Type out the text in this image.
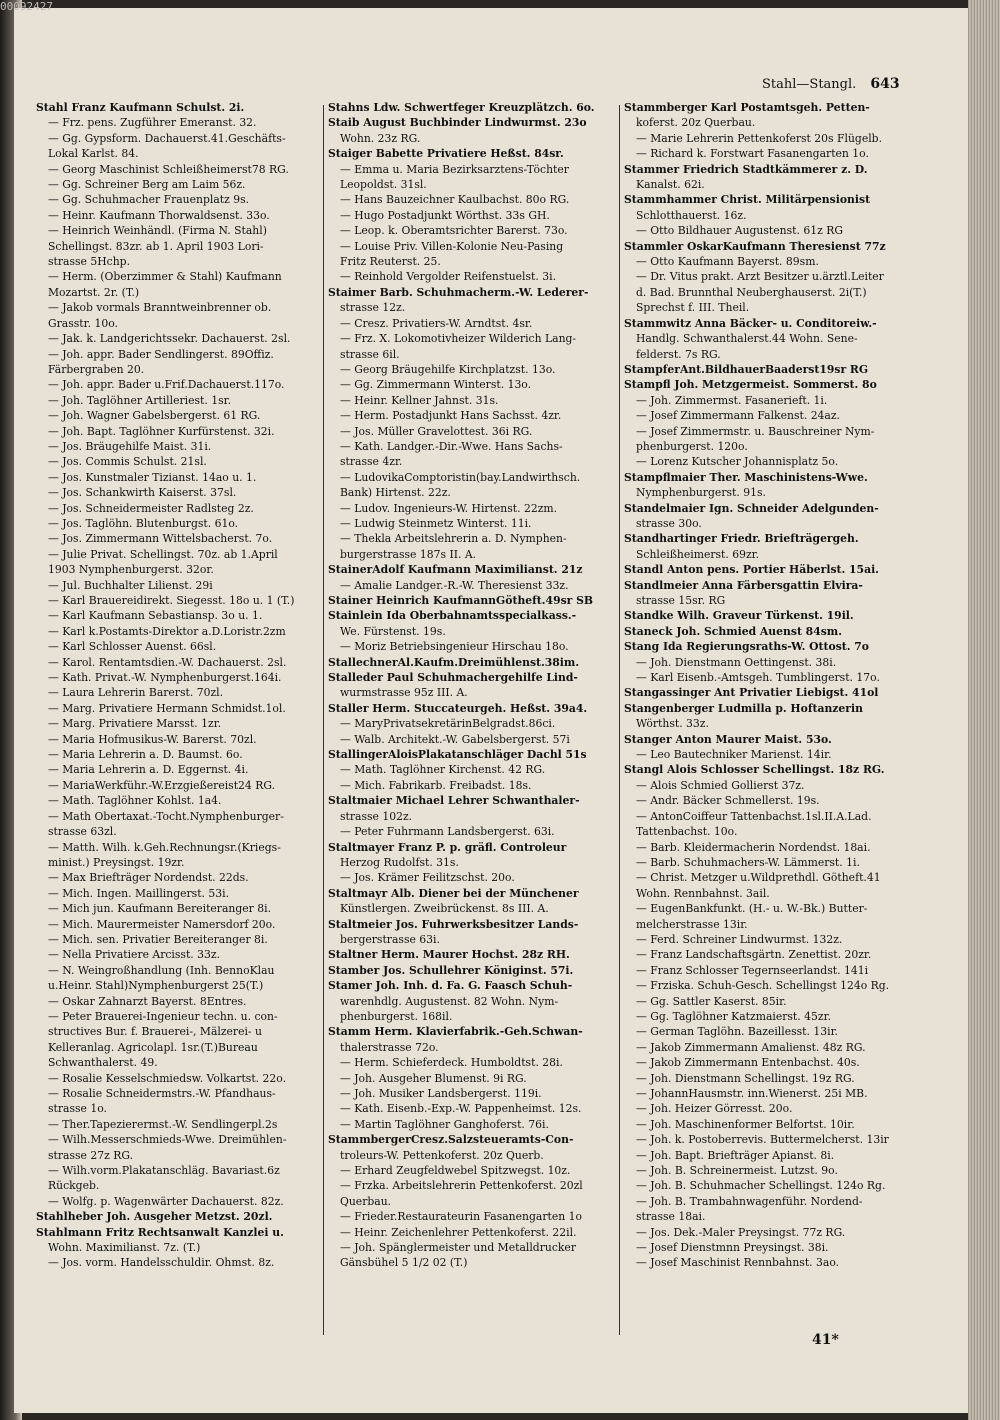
00092427
Stahl—Stangl. 643
Stahl Franz Kaufmann Schulst. 2i.
— Frz. pens. Zugführer Emeranst. 32.
— Gg. Gypsform. Dachauerst.41.Geschäfts-
Lokal Karlst. 84.
— Georg Maschinist Schleißheimerst78 RG.
— Gg. Schreiner Berg am Laim 56z.
— Gg. Schuhmacher Frauenplatz 9s.
— Heinr. Kaufmann Thorwaldsenst. 33o.
— Heinrich Weinhändl. (Firma N. Stahl)
Schellingst. 83zr. ab 1. April 1903 Lori-
strasse 5Hchp.
— Herm. (Oberzimmer & Stahl) Kaufmann
Mozartst. 2r. (T.)
— Jakob vormals Branntweinbrenner ob.
Grasstr. 10o.
— Jak. k. Landgerichtssekr. Dachauerst. 2sl.
— Joh. appr. Bader Sendlingerst. 89Offiz.
Färbergraben 20.
— Joh. appr. Bader u.Frif.Dachauerst.117o.
— Joh. Taglöhner Artilleriest. 1sr.
— Joh. Wagner Gabelsbergerst. 61 RG.
— Joh. Bapt. Taglöhner Kurfürstenst. 32i.
— Jos. Bräugehilfe Maist. 31i.
— Jos. Commis Schulst. 21sl.
— Jos. Kunstmaler Tizianst. 14ao u. 1.
— Jos. Schankwirth Kaiserst. 37sl.
— Jos. Schneidermeister Radlsteg 2z.
— Jos. Taglöhn. Blutenburgst. 61o.
— Jos. Zimmermann Wittelsbacherst. 7o.
— Julie Privat. Schellingst. 70z. ab 1.April
1903 Nymphenburgerst. 32or.
— Jul. Buchhalter Lilienst. 29i
— Karl Brauereidirekt. Siegesst. 18o u. 1 (T.)
— Karl Kaufmann Sebastiansp. 3o u. 1.
— Karl k.Postamts-Direktor a.D.Loristr.2zm
— Karl Schlosser Auenst. 66sl.
— Karol. Rentamtsdien.-W. Dachauerst. 2sl.
— Kath. Privat.-W. Nymphenburgerst.164i.
— Laura Lehrerin Barerst. 70zl.
— Marg. Privatiere Hermann Schmidst.1ol.
— Marg. Privatiere Marsst. 1zr.
— Maria Hofmusikus-W. Barerst. 70zl.
— Maria Lehrerin a. D. Baumst. 6o.
— Maria Lehrerin a. D. Eggernst. 4i.
— MariaWerkführ.-W.Erzgießereist24 RG.
— Math. Taglöhner Kohlst. 1a4.
— Math Obertaxat.-Tocht.Nymphenburger-
strasse 63zl.
— Matth. Wilh. k.Geh.Rechnungsr.(Kriegs-
minist.) Preysingst. 19zr.
— Max Briefträger Nordendst. 22ds.
— Mich. Ingen. Maillingerst. 53i.
— Mich jun. Kaufmann Bereiteranger 8i.
— Mich. Maurermeister Namersdorf 20o.
— Mich. sen. Privatier Bereiteranger 8i.
— Nella Privatiere Arcisst. 33z.
— N. Weingroßhandlung (Inh. BennoKlau
u.Heinr. Stahl)Nymphenburgerst 25(T.)
— Oskar Zahnarzt Bayerst. 8Entres.
— Peter Brauerei-Ingenieur techn. u. con-
structives Bur. f. Brauerei-, Mälzerei- u
Kelleranlag. Agricolapl. 1sr.(T.)Bureau
Schwanthalerst. 49.
— Rosalie Kesselschmiedsw. Volkartst. 22o.
— Rosalie Schneidermstrs.-W. Pfandhaus-
strasse 1o.
— Ther.Tapezierermst.-W. Sendlingerpl.2s
— Wilh.Messerschmieds-Wwe. Dreimühlen-
strasse 27z RG.
— Wilh.vorm.Plakatanschläg. Bavariast.6z
Rückgeb.
— Wolfg. p. Wagenwärter Dachauerst. 82z.
Stahlheber Joh. Ausgeher Metzst. 20zl.
Stahlmann Fritz Rechtsanwalt Kanzlei u.
Wohn. Maximilianst. 7z. (T.)
— Jos. vorm. Handelsschuldir. Ohmst. 8z.
Stahns Ldw. Schwertfeger Kreuzplätzch. 6o.
Staib August Buchbinder Lindwurmst. 23o
Wohn. 23z RG.
Staiger Babette Privatiere Heßst. 84sr.
— Emma u. Maria Bezirksarztens-Töchter
Leopoldst. 31sl.
— Hans Bauzeichner Kaulbachst. 80o RG.
— Hugo Postadjunkt Wörthst. 33s GH.
— Leop. k. Oberamtsrichter Barerst. 73o.
— Louise Priv. Villen-Kolonie Neu-Pasing
Fritz Reuterst. 25.
— Reinhold Vergolder Reifenstuelst. 3i.
Staimer Barb. Schuhmacherm.-W. Lederer-
strasse 12z.
— Cresz. Privatiers-W. Arndtst. 4sr.
— Frz. X. Lokomotivheizer Wilderich Lang-
strasse 6il.
— Georg Bräugehilfe Kirchplatzst. 13o.
— Gg. Zimmermann Winterst. 13o.
— Heinr. Kellner Jahnst. 31s.
— Herm. Postadjunkt Hans Sachsst. 4zr.
— Jos. Müller Gravelottest. 36i RG.
— Kath. Landger.-Dir.-Wwe. Hans Sachs-
strasse 4zr.
— LudovikaComptoristin(bay.Landwirthsch.
Bank) Hirtenst. 22z.
— Ludov. Ingenieurs-W. Hirtenst. 22zm.
— Ludwig Steinmetz Winterst. 11i.
— Thekla Arbeitslehrerin a. D. Nymphen-
burgerstrasse 187s II. A.
StainerAdolf Kaufmann Maximilianst. 21z
— Amalie Landger.-R.-W. Theresienst 33z.
Stainer Heinrich KaufmannGötheft.49sr SB
Stainlein Ida Oberbahnamtsspecialkass.-
We. Fürstenst. 19s.
— Moriz Betriebsingenieur Hirschau 18o.
StallechnerAl.Kaufm.Dreimühlenst.38im.
Stalleder Paul Schuhmachergehilfe Lind-
wurmstrasse 95z III. A.
Staller Herm. Stuccateurgeh. Heßst. 39a4.
— MaryPrivatsekretärinBelgradst.86ci.
— Walb. Architekt.-W. Gabelsbergerst. 57i
StallingerAloisPlakatanschläger Dachl 51s
— Math. Taglöhner Kirchenst. 42 RG.
— Mich. Fabrikarb. Freibadst. 18s.
Staltmaier Michael Lehrer Schwanthaler-
strasse 102z.
— Peter Fuhrmann Landsbergerst. 63i.
Staltmayer Franz P. p. gräfl. Controleur
Herzog Rudolfst. 31s.
— Jos. Krämer Feilitzschst. 20o.
Staltmayr Alb. Diener bei der Münchener
Künstlergen. Zweibrückenst. 8s III. A.
Staltmeier Jos. Fuhrwerksbesitzer Lands-
bergerstrasse 63i.
Staltner Herm. Maurer Hochst. 28z RH.
Stamber Jos. Schullehrer Königinst. 57i.
Stamer Joh. Inh. d. Fa. G. Faasch Schuh-
warenhdlg. Augustenst. 82 Wohn. Nym-
phenburgerst. 168il.
Stamm Herm. Klavierfabrik.-Geh.Schwan-
thalerstrasse 72o.
— Herm. Schieferdeck. Humboldtst. 28i.
— Joh. Ausgeher Blumenst. 9i RG.
— Joh. Musiker Landsbergerst. 119i.
— Kath. Eisenb.-Exp.-W. Pappenheimst. 12s.
— Martin Taglöhner Ganghoferst. 76i.
StammbergerCresz.Salzsteueramts-Con-
troleurs-W. Pettenkoferst. 20z Querb.
— Erhard Zeugfeldwebel Spitzwegst. 10z.
— Frzka. Arbeitslehrerin Pettenkoferst. 20zl
Querbau.
— Frieder.Restaurateurin Fasanengarten 1o
— Heinr. Zeichenlehrer Pettenkoferst. 22il.
— Joh. Spänglermeister und Metalldrucker
Gänsbühel 5 1/2 02 (T.)
Stammberger Karl Postamtsgeh. Petten-
koferst. 20z Querbau.
— Marie Lehrerin Pettenkoferst 20s Flügelb.
— Richard k. Forstwart Fasanengarten 1o.
Stammer Friedrich Stadtkämmerer z. D.
Kanalst. 62i.
Stammhammer Christ. Militärpensionist
Schlotthauerst. 16z.
— Otto Bildhauer Augustenst. 61z RG
Stammler OskarKaufmann Theresienst 77z
— Otto Kaufmann Bayerst. 89sm.
— Dr. Vitus prakt. Arzt Besitzer u.ärztl.Leiter
d. Bad. Brunnthal Neuberghauserst. 2i(T.)
Sprechst f. III. Theil.
Stammwitz Anna Bäcker- u. Conditoreiw.-
Handlg. Schwanthalerst.44 Wohn. Sene-
felderst. 7s RG.
StampferAnt.BildhauerBaaderst19sr RG
Stampfl Joh. Metzgermeist. Sommerst. 8o
— Joh. Zimmermst. Fasanerieft. 1i.
— Josef Zimmermann Falkenst. 24az.
— Josef Zimmermstr. u. Bauschreiner Nym-
phenburgerst. 120o.
— Lorenz Kutscher Johannisplatz 5o.
Stampflmaier Ther. Maschinistens-Wwe.
Nymphenburgerst. 91s.
Standelmaier Ign. Schneider Adelgunden-
strasse 30o.
Standhartinger Friedr. Briefträgergeh.
Schleißheimerst. 69zr.
Standl Anton pens. Portier Häberlst. 15ai.
Standlmeier Anna Färbersgattin Elvira-
strasse 15sr. RG
Standke Wilh. Graveur Türkenst. 19il.
Staneck Joh. Schmied Auenst 84sm.
Stang Ida Regierungsraths-W. Ottost. 7o
— Joh. Dienstmann Oettingenst. 38i.
— Karl Eisenb.-Amtsgeh. Tumblingerst. 17o.
Stangassinger Ant Privatier Liebigst. 41ol
Stangenberger Ludmilla p. Hoftanzerin
Wörthst. 33z.
Stanger Anton Maurer Maist. 53o.
— Leo Bautechniker Marienst. 14ir.
Stangl Alois Schlosser Schellingst. 18z RG.
— Alois Schmied Gollierst 37z.
— Andr. Bäcker Schmellerst. 19s.
— AntonCoiffeur Tattenbachst.1sl.II.A.Lad.
Tattenbachst. 10o.
— Barb. Kleidermacherin Nordendst. 18ai.
— Barb. Schuhmachers-W. Lämmerst. 1i.
— Christ. Metzger u.Wildprethdl. Götheft.41
Wohn. Rennbahnst. 3ail.
— EugenBankfunkt. (H.- u. W.-Bk.) Butter-
melcherstrasse 13ir.
— Ferd. Schreiner Lindwurmst. 132z.
— Franz Landschaftsgärtn. Zenettist. 20zr.
— Franz Schlosser Tegernseerlandst. 141i
— Frziska. Schuh-Gesch. Schellingst 124o Rg.
— Gg. Sattler Kaserst. 85ir.
— Gg. Taglöhner Katzmaierst. 45zr.
— German Taglöhn. Bazeillesst. 13ir.
— Jakob Zimmermann Amalienst. 48z RG.
— Jakob Zimmermann Entenbachst. 40s.
— Joh. Dienstmann Schellingst. 19z RG.
— JohannHausmstr. inn.Wienerst. 25i MB.
— Joh. Heizer Görresst. 20o.
— Joh. Maschinenformer Belfortst. 10ir.
— Joh. k. Postoberrevis. Buttermelcherst. 13ir
— Joh. Bapt. Briefträger Apianst. 8i.
— Joh. B. Schreinermeist. Lutzst. 9o.
— Joh. B. Schuhmacher Schellingst. 124o Rg.
— Joh. B. Trambahnwagenführ. Nordend-
strasse 18ai.
— Jos. Dek.-Maler Preysingst. 77z RG.
— Josef Dienstmnn Preysingst. 38i.
— Josef Maschinist Rennbahnst. 3ao.
41*
